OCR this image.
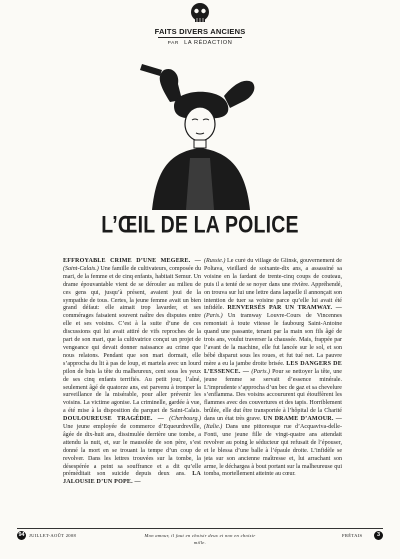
FAITS DIVERS ANCIENS
PAR LA RÉDACTION
L’ŒIL DE LA POLICE

EFFROYABLE CRIME D’UNE MÉGÈRE. — (Saint-Calais.) Une famille de cultivateurs, composée du mari, de la femme et de cinq enfants, habitait Semur. Un drame épouvantable vient de se dérouler au milieu de ces gens qui, jusqu’à présent, avaient joui de la sympathie de tous. Certes, la jeune femme avait un bien grand défaut: elle aimait trop lavarder, et ses commérages faisaient souvent naître des disputes entre elle et ses voisins. C’est à la suite d’une de ces discussions qui lui avait attiré de vifs reproches de la part de son mari, que la cultivatrice conçut un projet de vengeance qui devait donner naissance au crime que nous relatons. Pendant que son mari dormait, elle s’approcha du lit à pas de loup, et martela avec un lourd pilon de buis la tête du malheureux, cent sous les yeux de ses cinq enfants terrifiés. Au petit jour, l’aîné, seulement âgé de quatorze ans, est parvenu à tromper la surveillance de la misérable, pour aller prévenir les voisins. La victime agonise. La criminelle, gardée à vue, a été mise à la disposition du parquet de Saint-Calais. DOULOUREUSE TRAGÉDIE. — (Cherbourg.) Une jeune employée de commerce d’Equeurdreville, âgée de dix-huit ans, dissimulée derrière une tombe, a attendu la nuit, et, sur le mausolée de son père, s’est donné la mort en se trouant la tempe d’un coup de revolver. Dans les lettres trouvées sur la tombe, la désespérée a peint sa souffrance et a dit qu’elle préméditait son suicide depuis deux ans. LA JALOUSIE D’UN POPE. —

(Russie.) Le curé du village de Glinsk, gouvernement de Poltava, vieillard de soixante-dix ans, a assassiné sa voisine en la fardant de trente-cinq coups de couteau, puis il a tenté de se noyer dans une rivière. Appréhendé, on trouva sur lui une lettre dans laquelle il annonçait son intention de tuer sa voisine parce qu’elle lui avait été infidèle. RENVERSÉS PAR UN TRAMWAY. — (Paris.) Un tramway Louvre-Cours de Vincennes remontait à toute vitesse le faubourg Saint-Antoine quand une passante, tenant par la main son fils âgé de trois ans, voulut traverser la chaussée. Mais, frappée par l’avant de la machine, elle fut lancée sur le sol, et son bébé disparut sous les roues, et fut tué net. La pauvre mère a eu la jambe droite brisée. LES DANGERS DE L’ESSENCE. — (Paris.) Pour se nettoyer la tête, une jeune femme se servait d’essence minérale. L’imprudente s’approcha d’un bec de gaz et sa chevelure s’enflamma. Des voisins accoururent qui étouffèrent les flammes avec des couvertures et des tapis. Horriblement brûlée, elle dut être transportée à l’hôpital de la Charité dans un état très grave. UN DRAME D’AMOUR. — (Italie.) Dans une pittoresque rue d’Acquaviva-delle-Fonti, une jeune fille de vingt-quatre ans attendait revolver au poing le séducteur qui refusait de l’épouser, et le blessa d’une balle à l’épaule droite. L’infidèle se jeta sur son ancienne maîtresse et, lui arrachant son arme, le déchargea à bout portant sur la malheureuse qui tomba, mortellement atteinte au cœur.

94 JUILLET-AOÛT 2008	Mon amour, il faut en choisir deux et non en choisir mille.
FRÉTAIS	3
